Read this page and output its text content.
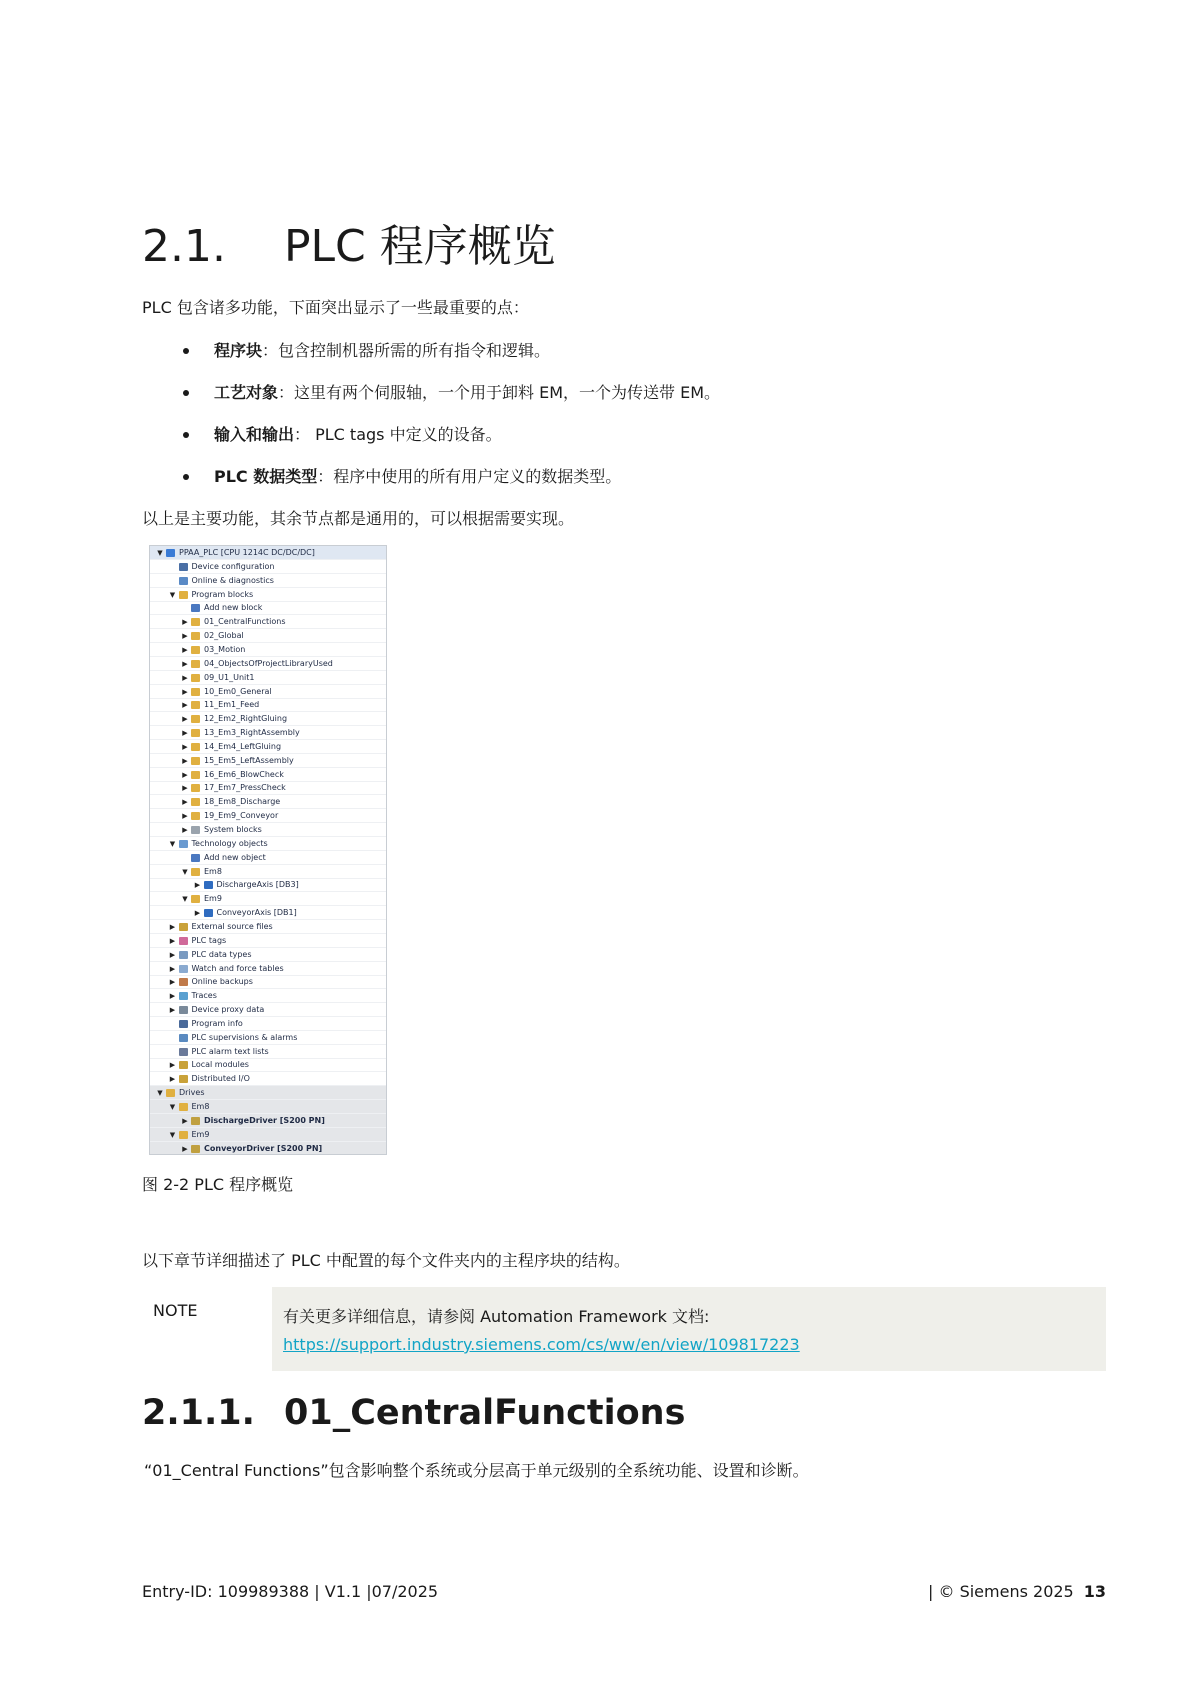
2.1. PLC 程序概览
PLC 包含诸多功能，下面突出显示了一些最重要的点：
程序块：包含控制机器所需的所有指令和逻辑。
工艺对象：这里有两个伺服轴，一个用于卸料 EM，一个为传送带 EM。
输入和输出： PLC tags 中定义的设备。
PLC 数据类型：程序中使用的所有用户定义的数据类型。
以上是主要功能，其余节点都是通用的，可以根据需要实现。
▼ PPAA_PLC [CPU 1214C DC/DC/DC]
Device configuration
Online & diagnostics
▼ Program blocks
Add new block
▶ 01_CentralFunctions
▶ 02_Global
▶ 03_Motion
▶ 04_ObjectsOfProjectLibraryUsed
▶ 09_U1_Unit1
▶ 10_Em0_General
▶ 11_Em1_Feed
▶ 12_Em2_RightGluing
▶ 13_Em3_RightAssembly
▶ 14_Em4_LeftGluing
▶ 15_Em5_LeftAssembly
▶ 16_Em6_BlowCheck
▶ 17_Em7_PressCheck
▶ 18_Em8_Discharge
▶ 19_Em9_Conveyor
▶ System blocks
▼ Technology objects
Add new object
▼ Em8
▶ DischargeAxis [DB3]
▼ Em9
▶ ConveyorAxis [DB1]
▶ External source files
▶ PLC tags
▶ PLC data types
▶ Watch and force tables
▶ Online backups
▶ Traces
▶ Device proxy data
Program info
PLC supervisions & alarms
PLC alarm text lists
▶ Local modules
▶ Distributed I/O
▼ Drives
▼ Em8
▶ DischargeDriver [S200 PN]
▼ Em9
▶ ConveyorDriver [S200 PN]
图 2-2 PLC 程序概览
以下章节详细描述了 PLC 中配置的每个文件夹内的主程序块的结构。
NOTE	有关更多详细信息，请参阅 Automation Framework 文档:
https://support.industry.siemens.com/cs/ww/en/view/109817223
2.1.1. 01_CentralFunctions
“01_Central Functions”包含影响整个系统或分层高于单元级别的全系统功能、设置和诊断。
Entry-ID: 109989388 | V1.1 |07/2025	| © Siemens 2025 13
